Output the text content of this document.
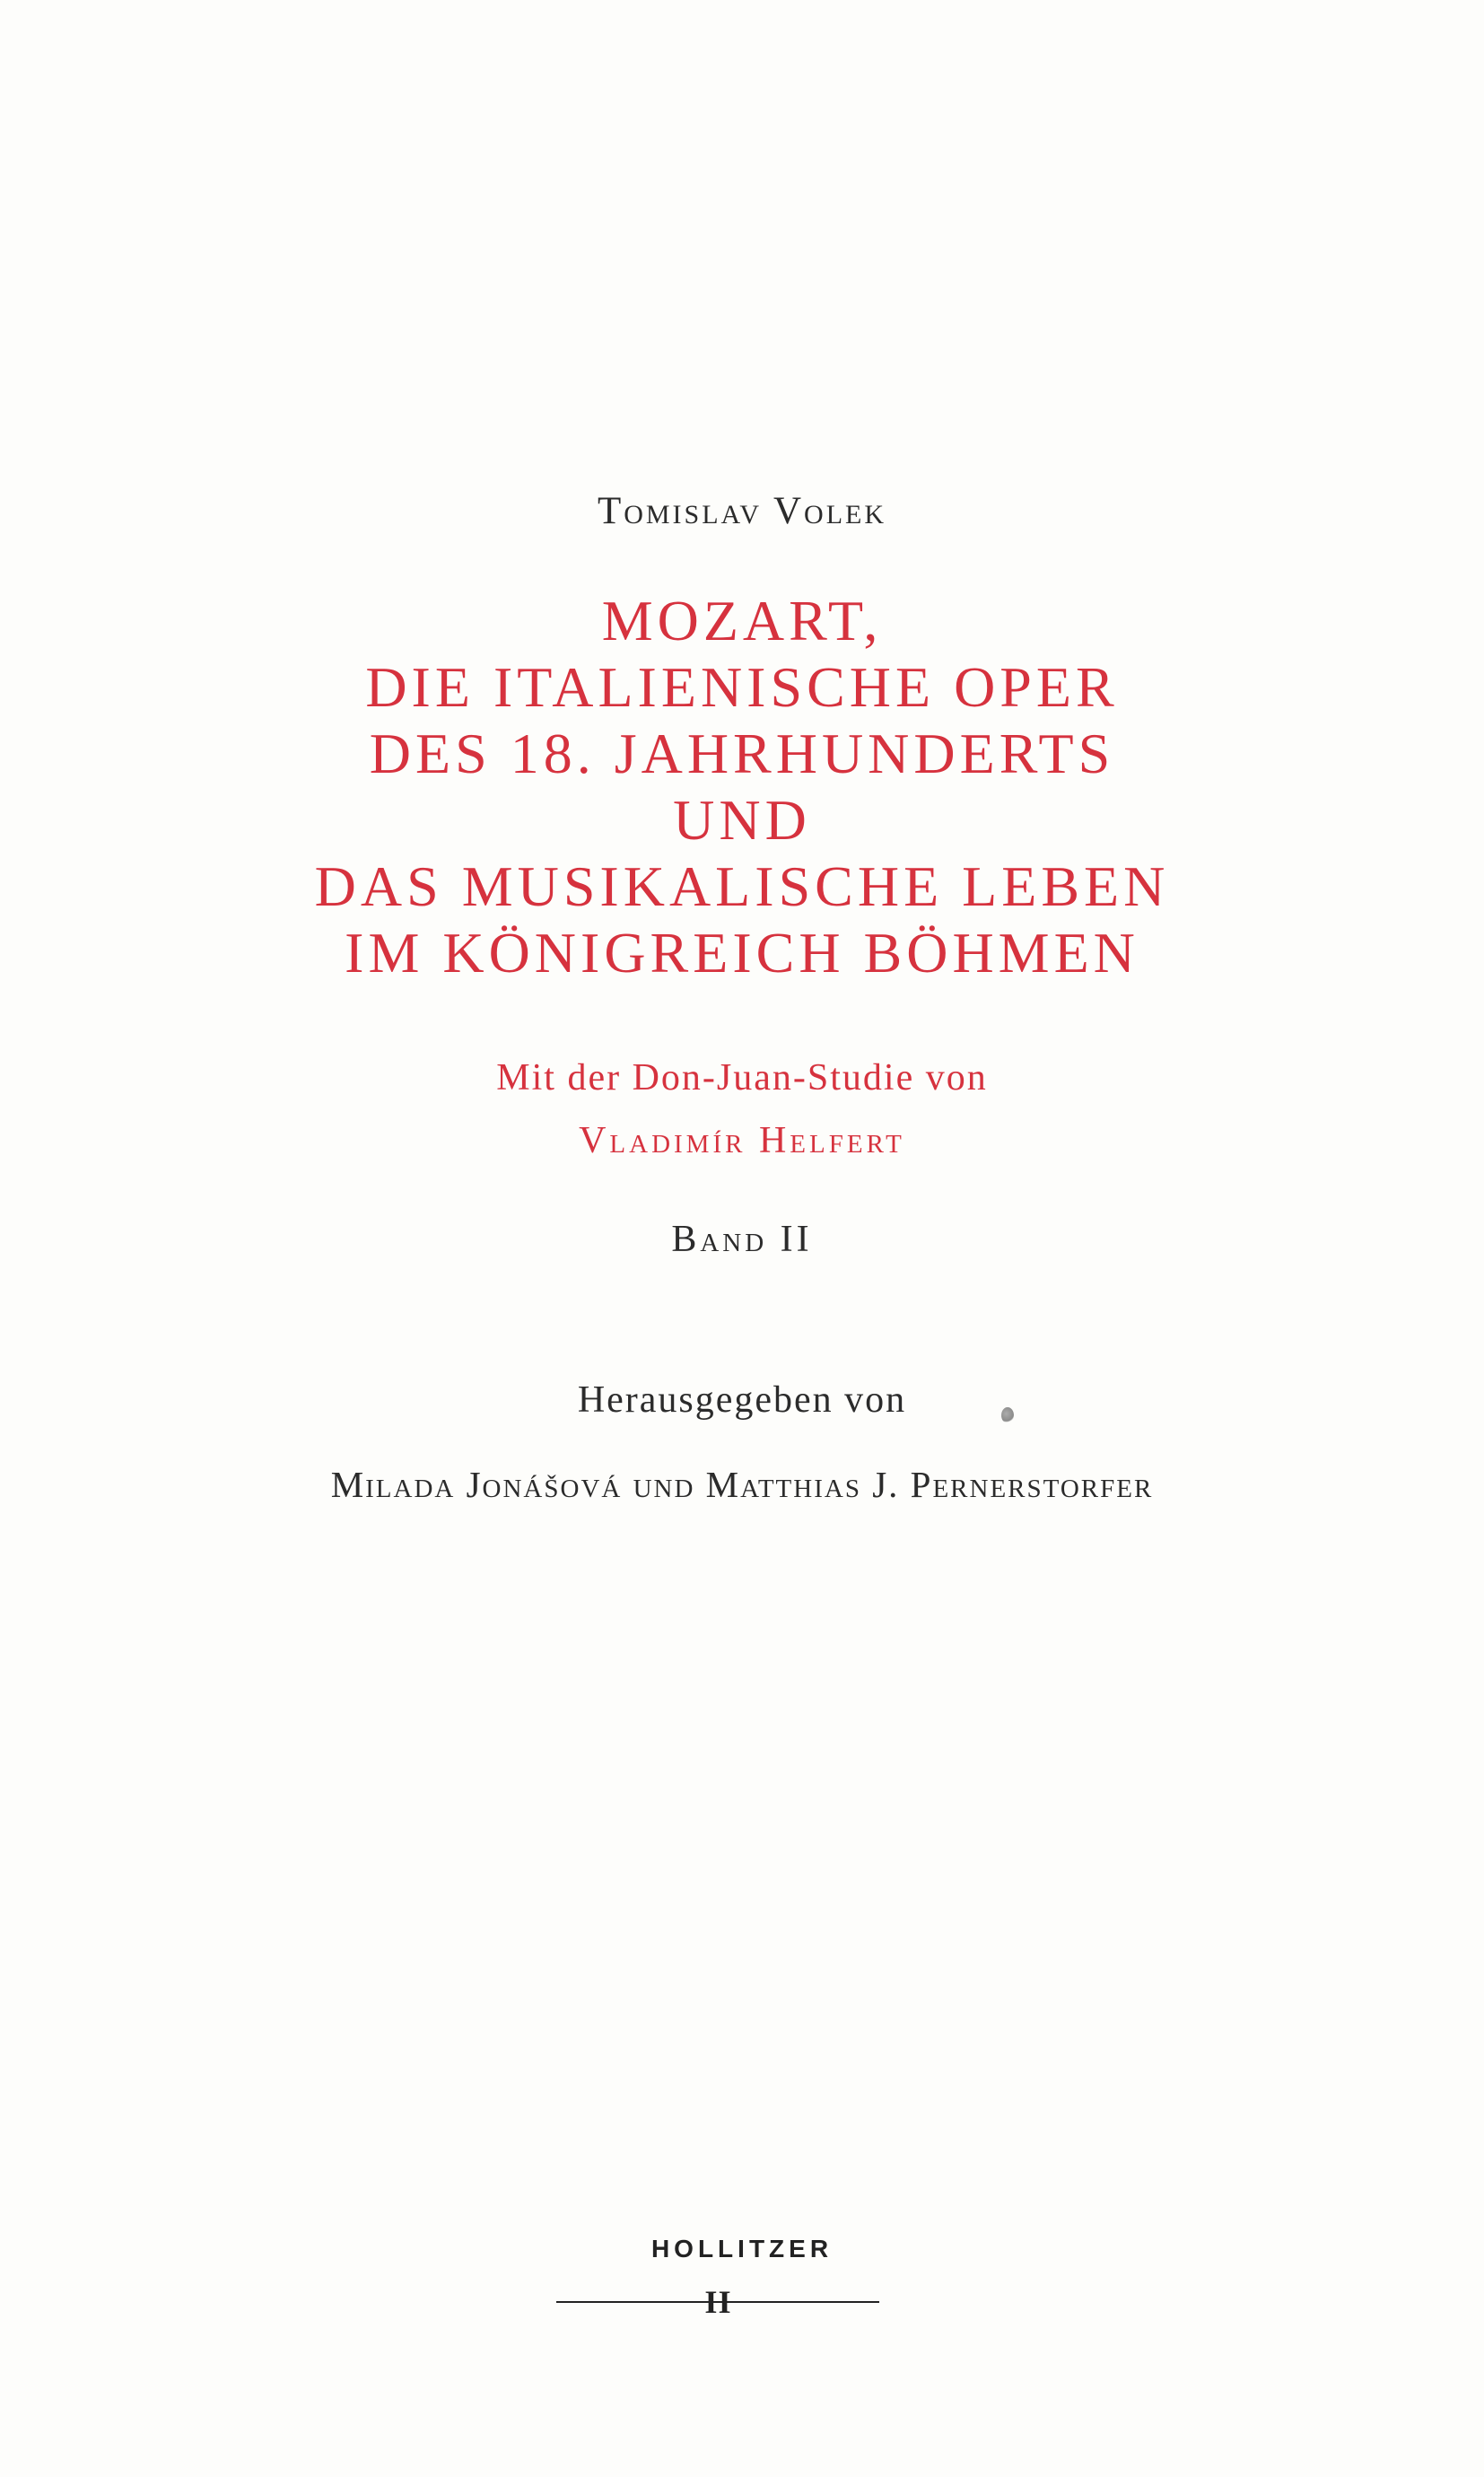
Tomislav Volek
MOZART,
DIE ITALIENISCHE OPER
DES 18. JAHRHUNDERTS
UND
DAS MUSIKALISCHE LEBEN
IM KÖNIGREICH BÖHMEN
Mit der Don-Juan-Studie von
Vladimír Helfert
Band II
Herausgegeben von
Milada Jonášová und Matthias J. Pernerstorfer
HOLLITZER
H
